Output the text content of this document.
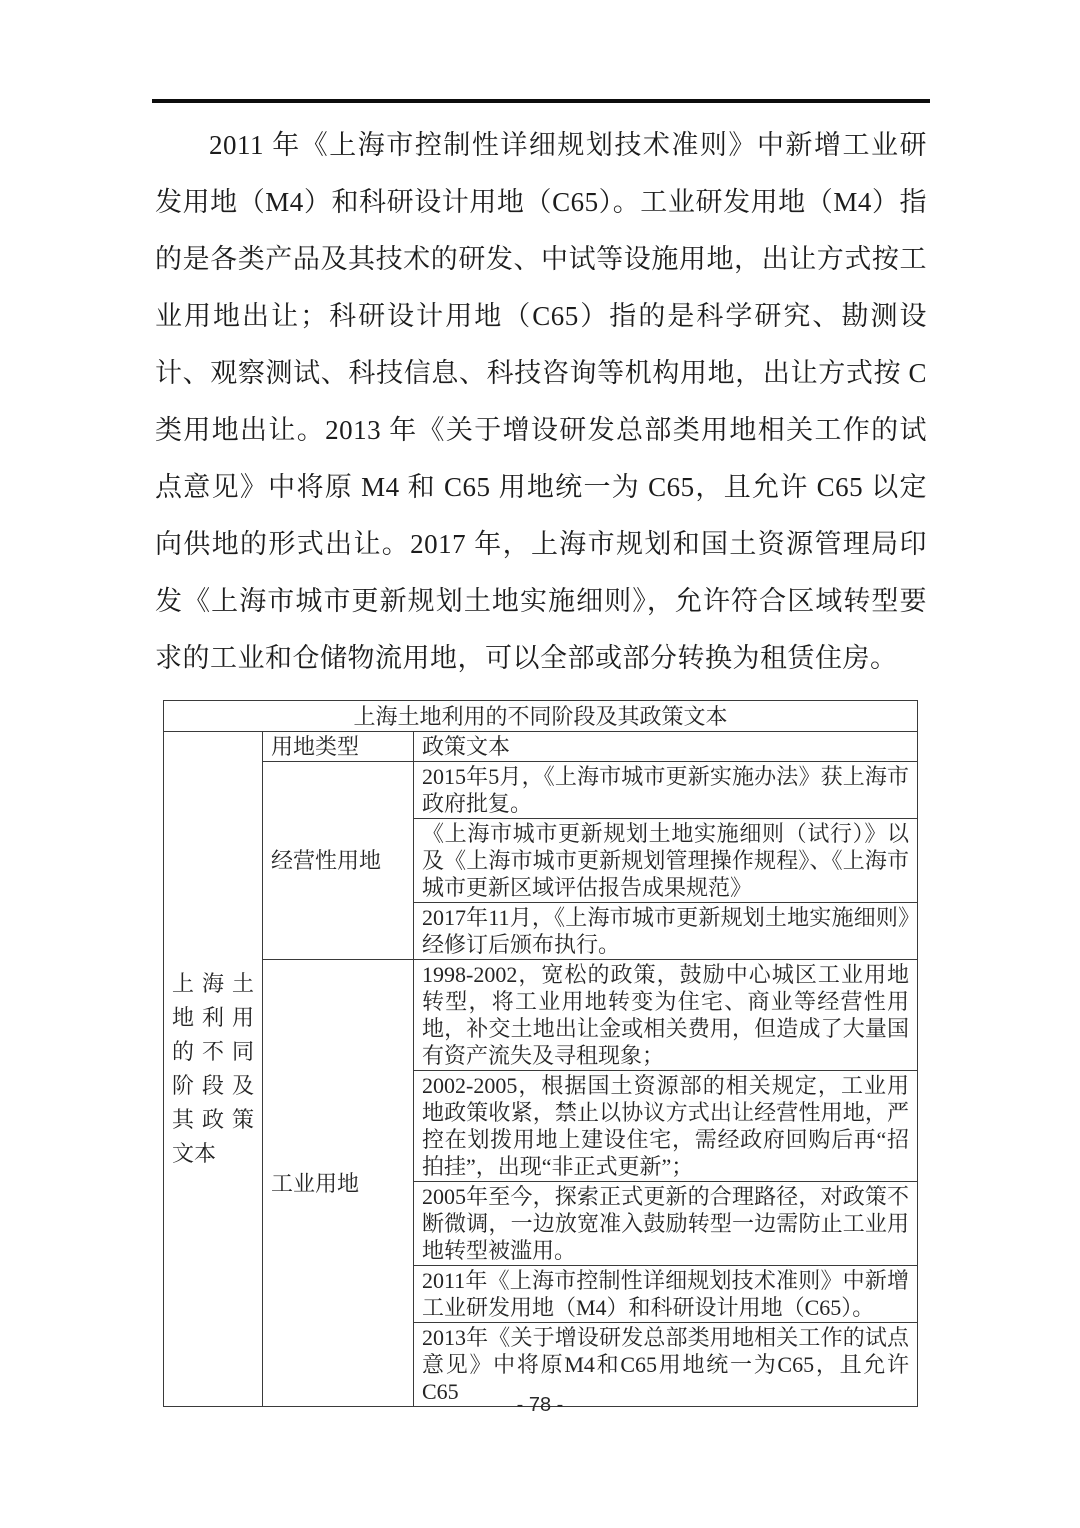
2011 年《上海市控制性详细规划技术准则》中新增工业研发用地（M4）和科研设计用地（C65）。工业研发用地（M4）指的是各类产品及其技术的研发、中试等设施用地，出让方式按工业用地出让；科研设计用地（C65）指的是科学研究、勘测设计、观察测试、科技信息、科技咨询等机构用地，出让方式按 C 类用地出让。2013 年《关于增设研发总部类用地相关工作的试点意见》中将原 M4 和 C65 用地统一为 C65，且允许 C65 以定向供地的形式出让。2017 年，上海市规划和国土资源管理局印发《上海市城市更新规划土地实施细则》，允许符合区域转型要求的工业和仓储物流用地，可以全部或部分转换为租赁住房。

上海土地利用的不同阶段及其政策文本		
上海土地利用的不同阶段及其政策文本	用地类型	政策文本
	经营性用地	2015年5月，《上海市城市更新实施办法》获上海市政府批复。
		《上海市城市更新规划土地实施细则（试行）》以及《上海市城市更新规划管理操作规程》、《上海市城市更新区域评估报告成果规范》
		2017年11月，《上海市城市更新规划土地实施细则》经修订后颁布执行。
	工业用地	1998-2002，宽松的政策，鼓励中心城区工业用地转型，将工业用地转变为住宅、商业等经营性用地，补交土地出让金或相关费用，但造成了大量国有资产流失及寻租现象；
		2002-2005，根据国土资源部的相关规定，工业用地政策收紧，禁止以协议方式出让经营性用地，严控在划拨用地上建设住宅，需经政府回购后再“招拍挂”，出现“非正式更新”；
		2005年至今，探索正式更新的合理路径，对政策不断微调，一边放宽准入鼓励转型一边需防止工业用地转型被滥用。
		2011年《上海市控制性详细规划技术准则》中新增工业研发用地（M4）和科研设计用地（C65）。
		2013年《关于增设研发总部类用地相关工作的试点意见》中将原M4和C65用地统一为C65，且允许C65
- 78 -
